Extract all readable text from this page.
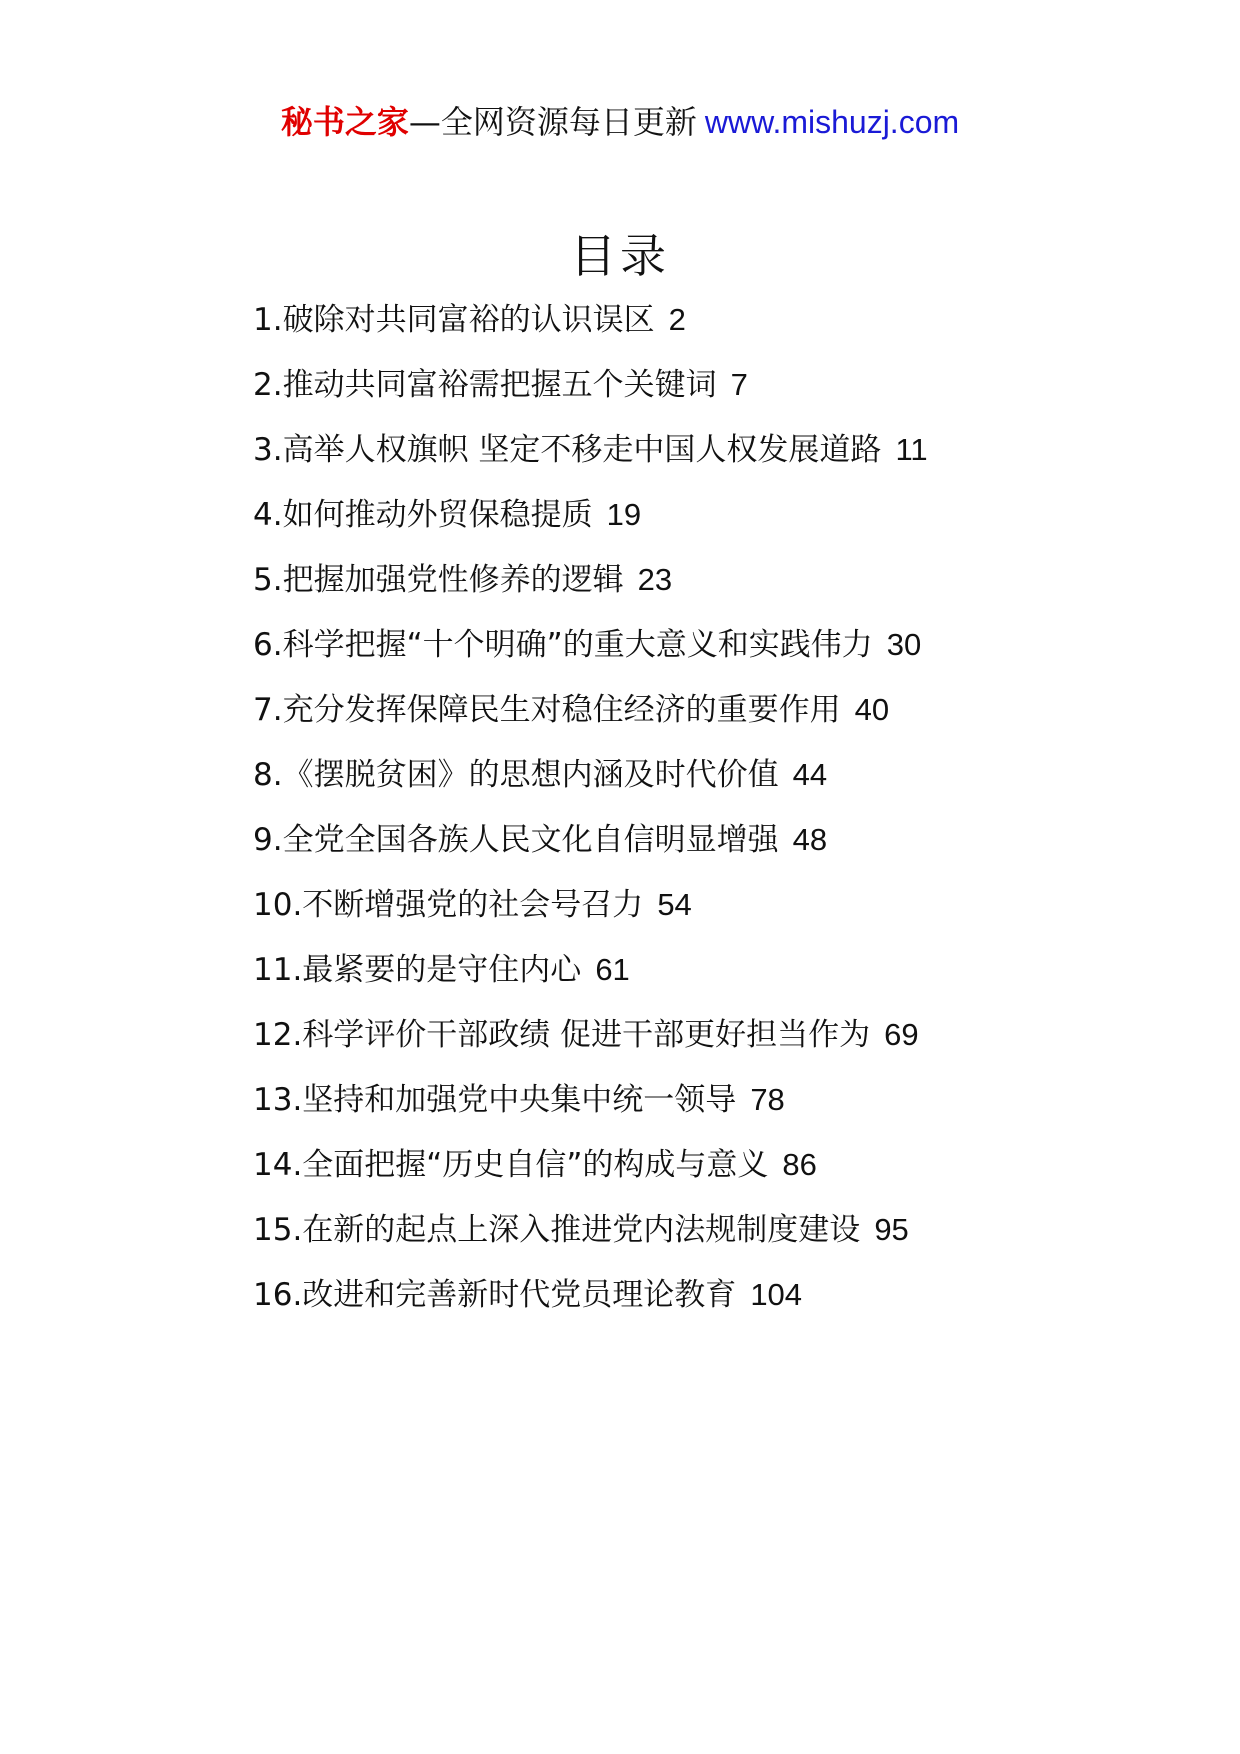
秘书之家—全网资源每日更新 www.mishuzj.com
目录
1.破除对共同富裕的认识误区 2
2.推动共同富裕需把握五个关键词 7
3.高举人权旗帜 坚定不移走中国人权发展道路 11
4.如何推动外贸保稳提质 19
5.把握加强党性修养的逻辑 23
6.科学把握“十个明确”的重大意义和实践伟力 30
7.充分发挥保障民生对稳住经济的重要作用 40
8.《摆脱贫困》的思想内涵及时代价值 44
9.全党全国各族人民文化自信明显增强 48
10.不断增强党的社会号召力 54
11.最紧要的是守住内心 61
12.科学评价干部政绩 促进干部更好担当作为 69
13.坚持和加强党中央集中统一领导 78
14.全面把握“历史自信”的构成与意义 86
15.在新的起点上深入推进党内法规制度建设 95
16.改进和完善新时代党员理论教育 104
